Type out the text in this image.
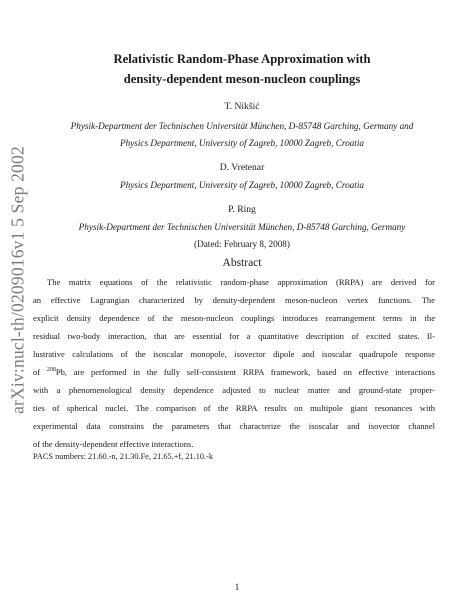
arXiv:nucl-th/0209016v1 5 Sep 2002
Relativistic Random-Phase Approximation with
density-dependent meson-nucleon couplings
T. Nikšić
Physik-Department der Technischen Universität München, D-85748 Garching, Germany and
Physics Department, University of Zagreb, 10000 Zagreb, Croatia
D. Vretenar
Physics Department, University of Zagreb, 10000 Zagreb, Croatia
P. Ring
Physik-Department der Technischen Universität München, D-85748 Garching, Germany
(Dated: February 8, 2008)
Abstract
The matrix equations of the relativistic random-phase approximation (RRPA) are derived for
an effective Lagrangian characterized by density-dependent meson-nucleon vertex functions. The
explicit density dependence of the meson-nucleon couplings introduces rearrangement terms in the
residual two-body interaction, that are essential for a quantitative description of excited states. Il-
lustrative calculations of the isoscalar monopole, isovector dipole and isoscalar quadrupole response
of $^{208}$Pb, are performed in the fully self-consistent RRPA framework, based on effective interactions
with a phenomenological density dependence adjusted to nuclear matter and ground-state proper-
ties of spherical nuclei. The comparison of the RRPA results on multipole giant resonances with
experimental data constrains the parameters that characterize the isoscalar and isovector channel
of the density-dependent effective interactions.
PACS numbers: 21.60.-n, 21.30.Fe, 21.65.+f, 21.10.-k
1
